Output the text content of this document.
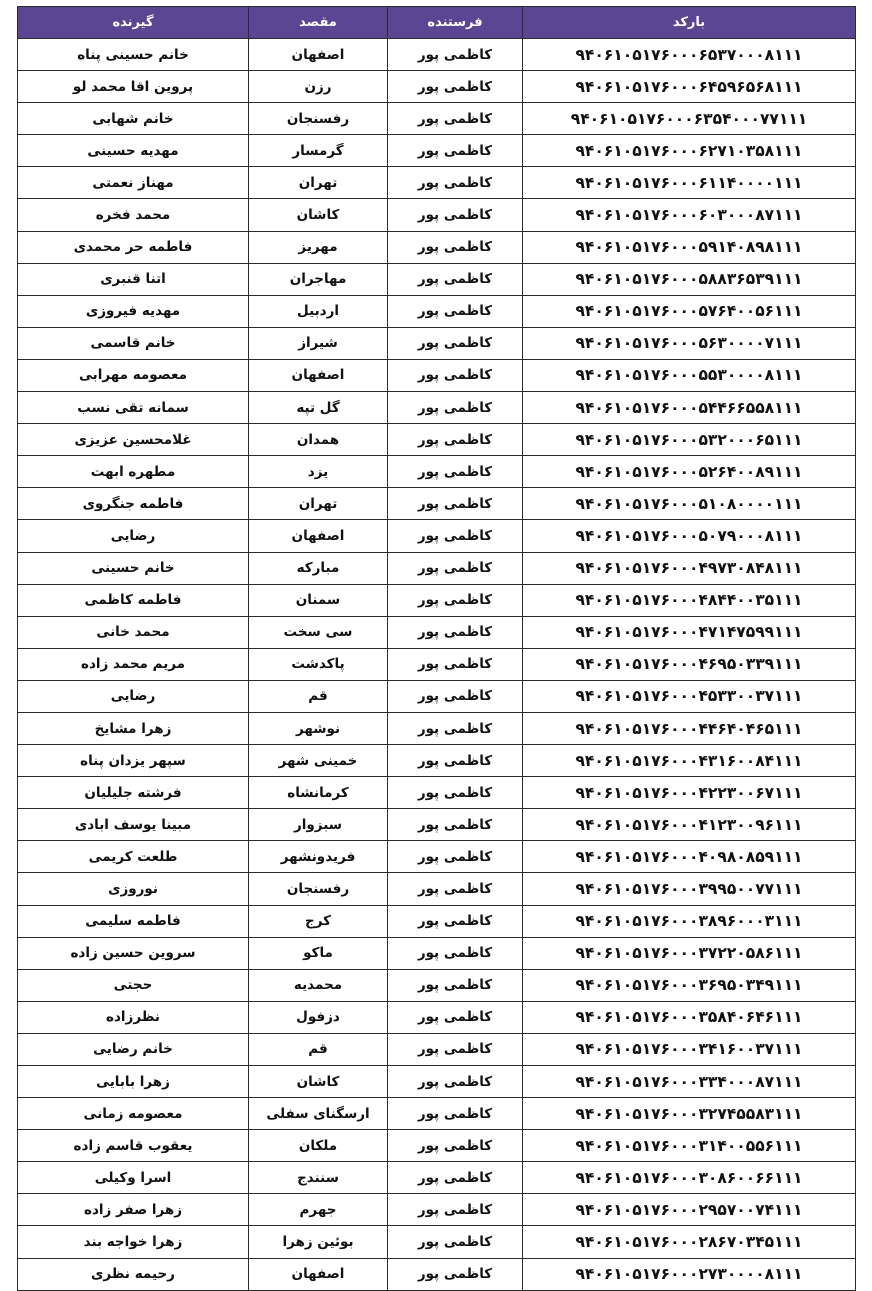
بارکد	فرستنده	مقصد	گیرنده
۹۴۰۶۱۰۵۱۷۶۰۰۰۶۵۳۷۰۰۰۸۱۱۱	کاظمی پور	اصفهان	خانم حسینی پناه
۹۴۰۶۱۰۵۱۷۶۰۰۰۶۴۵۹۶۵۶۸۱۱۱	کاظمی پور	رزن	پروین اقا محمد لو
۹۴۰۶۱۰۵۱۷۶۰۰۰۶۳۵۴۰۰۰۷۷۱۱۱	کاظمی پور	رفسنجان	خانم شهابی
۹۴۰۶۱۰۵۱۷۶۰۰۰۶۲۷۱۰۳۵۸۱۱۱	کاظمی پور	گرمسار	مهدیه حسینی
۹۴۰۶۱۰۵۱۷۶۰۰۰۶۱۱۴۰۰۰۰۱۱۱	کاظمی پور	تهران	مهناز نعمتی
۹۴۰۶۱۰۵۱۷۶۰۰۰۶۰۳۰۰۰۸۷۱۱۱	کاظمی پور	کاشان	محمد فخره
۹۴۰۶۱۰۵۱۷۶۰۰۰۵۹۱۴۰۸۹۸۱۱۱	کاظمی پور	مهریز	فاطمه حر محمدی
۹۴۰۶۱۰۵۱۷۶۰۰۰۵۸۸۳۶۵۳۹۱۱۱	کاظمی پور	مهاجران	اتنا قنبری
۹۴۰۶۱۰۵۱۷۶۰۰۰۵۷۶۴۰۰۵۶۱۱۱	کاظمی پور	اردبیل	مهدیه فیروزی
۹۴۰۶۱۰۵۱۷۶۰۰۰۵۶۳۰۰۰۰۷۱۱۱	کاظمی پور	شیراز	خانم قاسمی
۹۴۰۶۱۰۵۱۷۶۰۰۰۵۵۳۰۰۰۰۸۱۱۱	کاظمی پور	اصفهان	معصومه مهرابی
۹۴۰۶۱۰۵۱۷۶۰۰۰۵۴۴۶۶۵۵۸۱۱۱	کاظمی پور	گل تپه	سمانه تقی نسب
۹۴۰۶۱۰۵۱۷۶۰۰۰۵۳۲۰۰۰۶۵۱۱۱	کاظمی پور	همدان	غلامحسین عزیزی
۹۴۰۶۱۰۵۱۷۶۰۰۰۵۲۶۴۰۰۸۹۱۱۱	کاظمی پور	یزد	مطهره ابهت
۹۴۰۶۱۰۵۱۷۶۰۰۰۵۱۰۸۰۰۰۰۱۱۱	کاظمی پور	تهران	فاطمه جنگروی
۹۴۰۶۱۰۵۱۷۶۰۰۰۵۰۷۹۰۰۰۸۱۱۱	کاظمی پور	اصفهان	رضایی
۹۴۰۶۱۰۵۱۷۶۰۰۰۴۹۷۳۰۸۴۸۱۱۱	کاظمی پور	مبارکه	خانم حسینی
۹۴۰۶۱۰۵۱۷۶۰۰۰۴۸۴۴۰۰۳۵۱۱۱	کاظمی پور	سمنان	فاطمه کاظمی
۹۴۰۶۱۰۵۱۷۶۰۰۰۴۷۱۴۷۵۹۹۱۱۱	کاظمی پور	سی سخت	محمد خانی
۹۴۰۶۱۰۵۱۷۶۰۰۰۴۶۹۵۰۳۳۹۱۱۱	کاظمی پور	پاکدشت	مریم محمد زاده
۹۴۰۶۱۰۵۱۷۶۰۰۰۴۵۳۳۰۰۳۷۱۱۱	کاظمی پور	قم	رضایی
۹۴۰۶۱۰۵۱۷۶۰۰۰۴۴۶۴۰۴۶۵۱۱۱	کاظمی پور	نوشهر	زهرا مشایخ
۹۴۰۶۱۰۵۱۷۶۰۰۰۴۳۱۶۰۰۸۴۱۱۱	کاظمی پور	خمینی شهر	سپهر یزدان پناه
۹۴۰۶۱۰۵۱۷۶۰۰۰۴۲۲۳۰۰۶۷۱۱۱	کاظمی پور	کرمانشاه	فرشته جلیلیان
۹۴۰۶۱۰۵۱۷۶۰۰۰۴۱۲۳۰۰۹۶۱۱۱	کاظمی پور	سبزوار	مبینا یوسف ابادی
۹۴۰۶۱۰۵۱۷۶۰۰۰۴۰۹۸۰۸۵۹۱۱۱	کاظمی پور	فریدونشهر	طلعت کریمی
۹۴۰۶۱۰۵۱۷۶۰۰۰۳۹۹۵۰۰۷۷۱۱۱	کاظمی پور	رفسنجان	نوروزی
۹۴۰۶۱۰۵۱۷۶۰۰۰۳۸۹۶۰۰۰۳۱۱۱	کاظمی پور	کرج	فاطمه سلیمی
۹۴۰۶۱۰۵۱۷۶۰۰۰۳۷۲۲۰۵۸۶۱۱۱	کاظمی پور	ماکو	سروین حسین زاده
۹۴۰۶۱۰۵۱۷۶۰۰۰۳۶۹۵۰۳۴۹۱۱۱	کاظمی پور	محمدیه	حجتی
۹۴۰۶۱۰۵۱۷۶۰۰۰۳۵۸۴۰۶۴۶۱۱۱	کاظمی پور	دزفول	نظرزاده
۹۴۰۶۱۰۵۱۷۶۰۰۰۳۴۱۶۰۰۳۷۱۱۱	کاظمی پور	قم	خانم رضایی
۹۴۰۶۱۰۵۱۷۶۰۰۰۳۳۴۰۰۰۸۷۱۱۱	کاظمی پور	کاشان	زهرا بابایی
۹۴۰۶۱۰۵۱۷۶۰۰۰۳۲۷۴۵۵۸۳۱۱۱	کاظمی پور	ارسگنای سفلی	معصومه زمانی
۹۴۰۶۱۰۵۱۷۶۰۰۰۳۱۴۰۰۵۵۶۱۱۱	کاظمی پور	ملکان	یعقوب قاسم زاده
۹۴۰۶۱۰۵۱۷۶۰۰۰۳۰۸۶۰۰۶۶۱۱۱	کاظمی پور	سنندج	اسرا وکیلی
۹۴۰۶۱۰۵۱۷۶۰۰۰۲۹۵۷۰۰۷۴۱۱۱	کاظمی پور	جهرم	زهرا صفر زاده
۹۴۰۶۱۰۵۱۷۶۰۰۰۲۸۶۷۰۳۴۵۱۱۱	کاظمی پور	بوئین زهرا	زهرا خواجه بند
۹۴۰۶۱۰۵۱۷۶۰۰۰۲۷۳۰۰۰۰۸۱۱۱	کاظمی پور	اصفهان	رحیمه نظری
